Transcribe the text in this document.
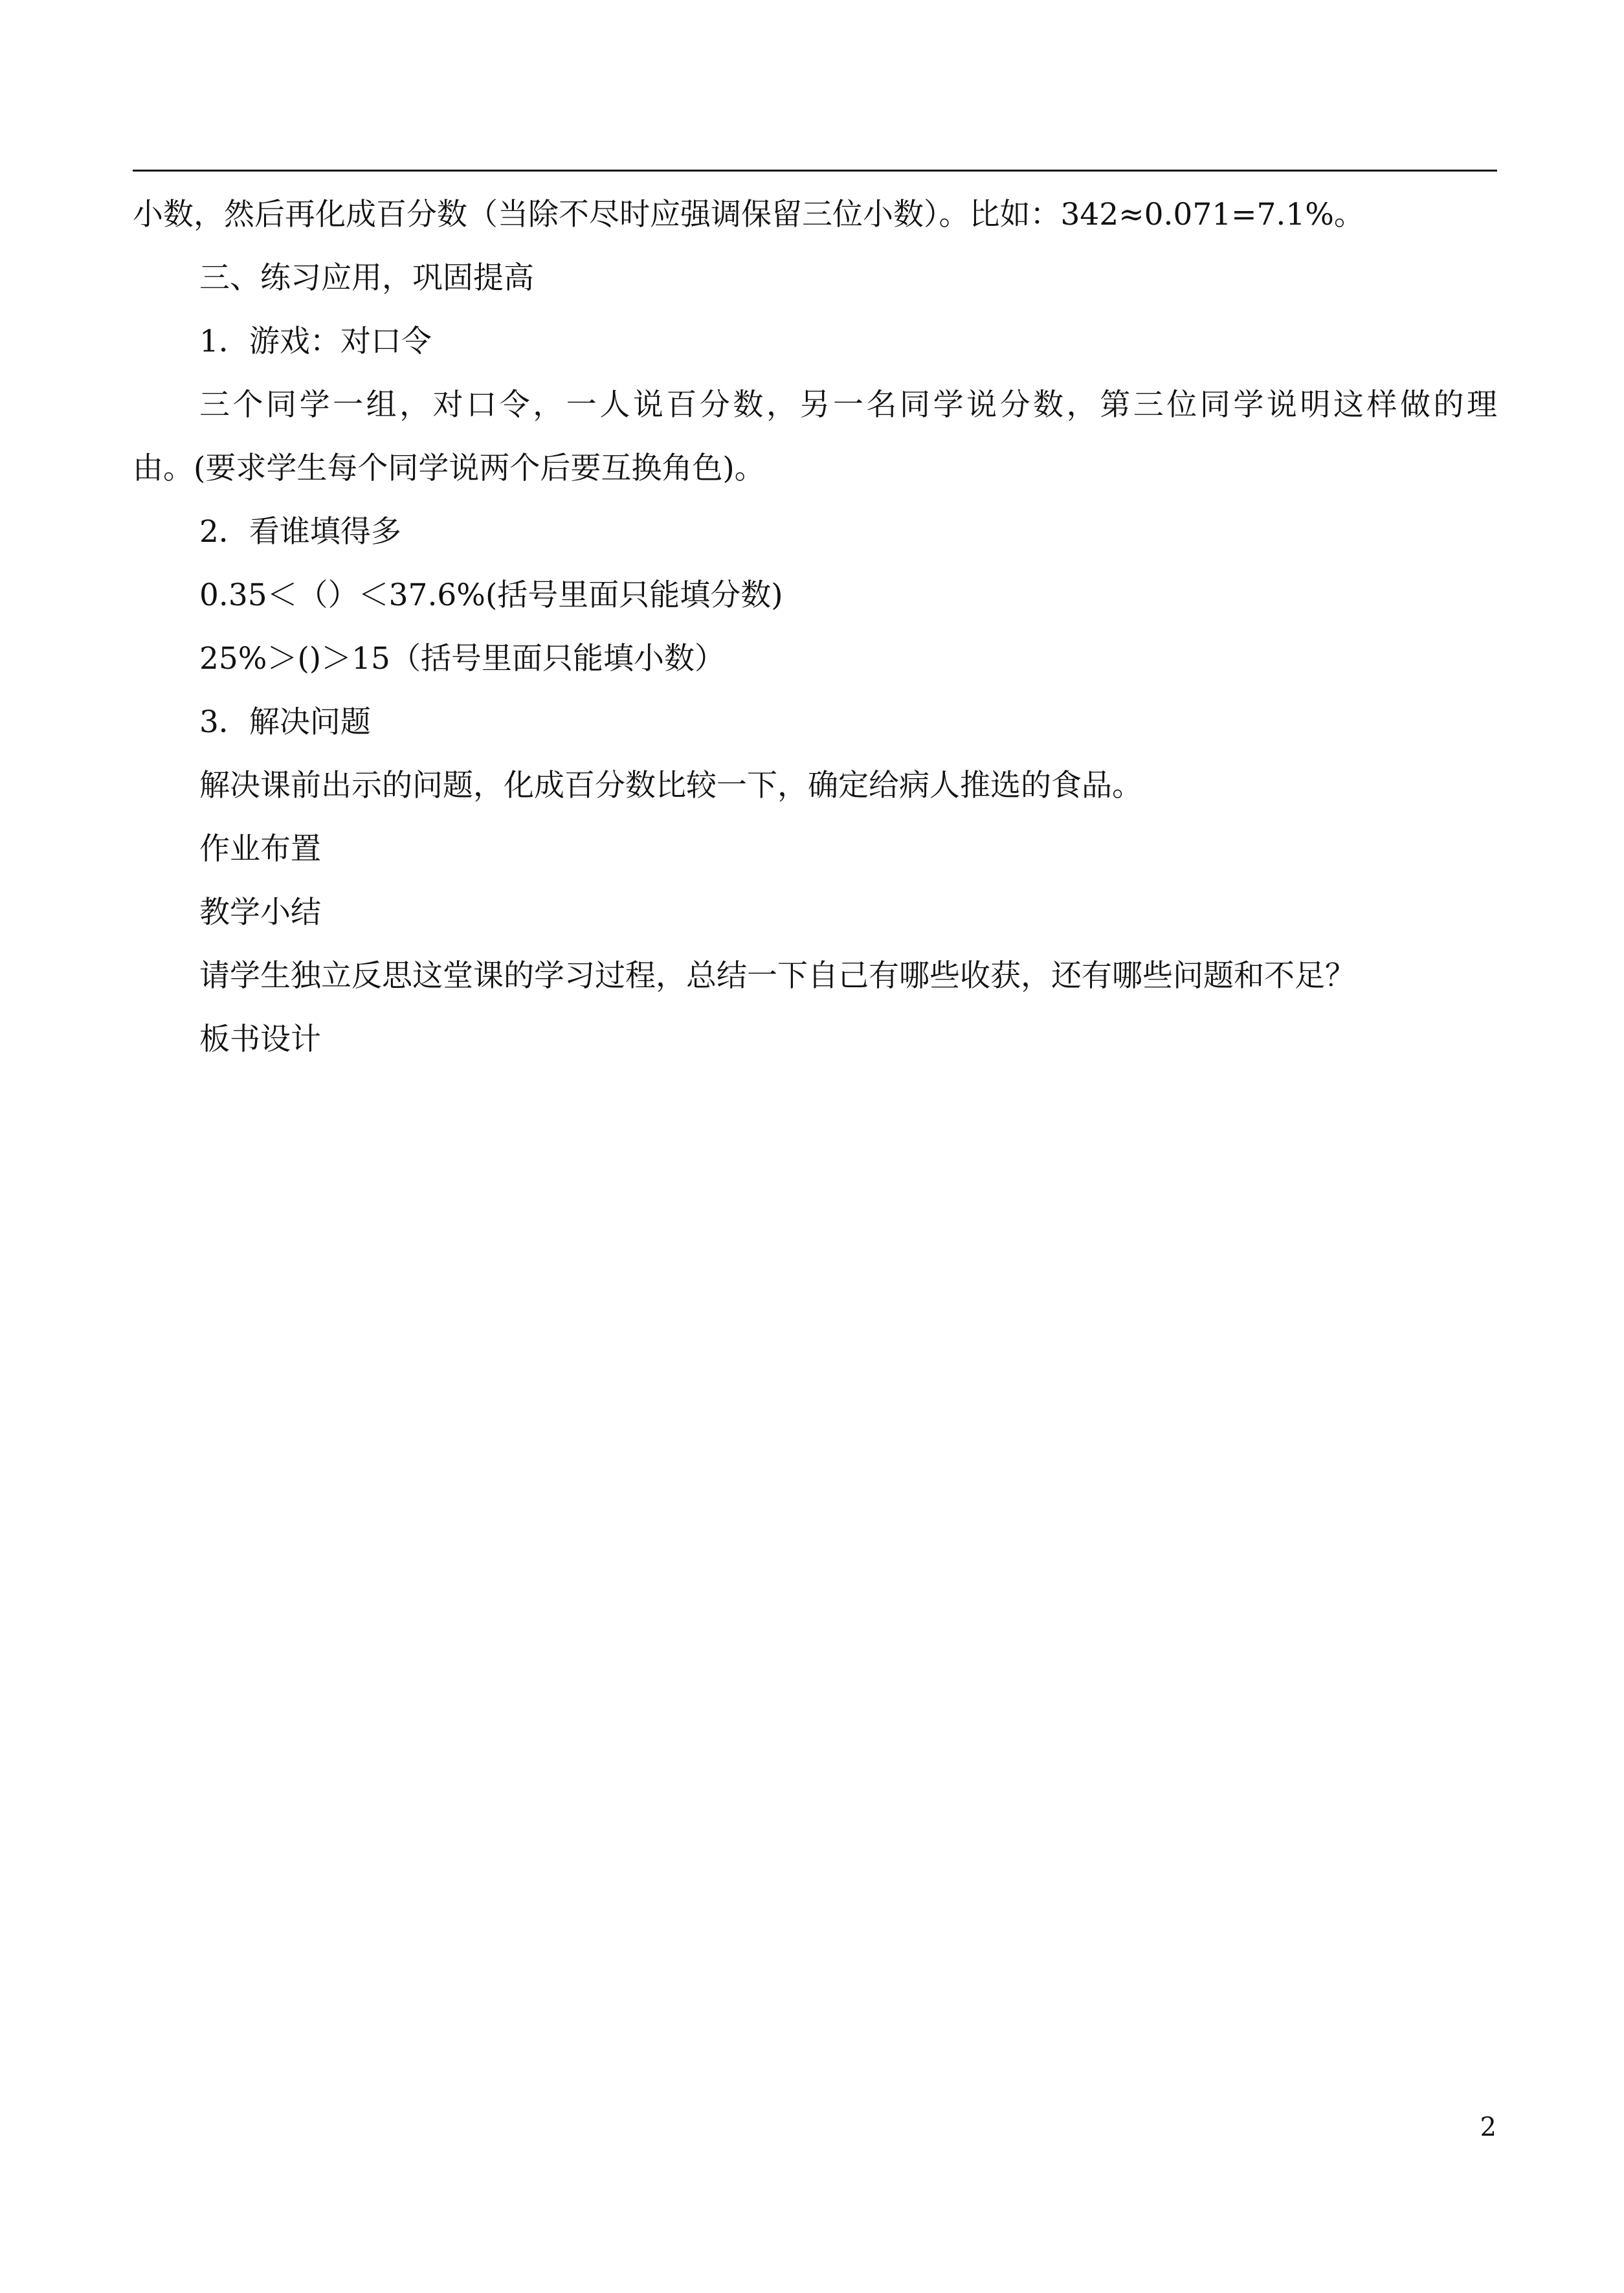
小数，然后再化成百分数（当除不尽时应强调保留三位小数）。比如：342≈0.071=7.1%。
三、练习应用，巩固提高
1．游戏：对口令
三个同学一组，对口令，一人说百分数，另一名同学说分数，第三位同学说明这样做的理
由。(要求学生每个同学说两个后要互换角色)。
2．看谁填得多
0.35＜（）＜37.6%(括号里面只能填分数)
25%＞()＞15（括号里面只能填小数）
3．解决问题
解决课前出示的问题，化成百分数比较一下，确定给病人推选的食品。
作业布置
教学小结
请学生独立反思这堂课的学习过程，总结一下自己有哪些收获，还有哪些问题和不足？
板书设计
2
